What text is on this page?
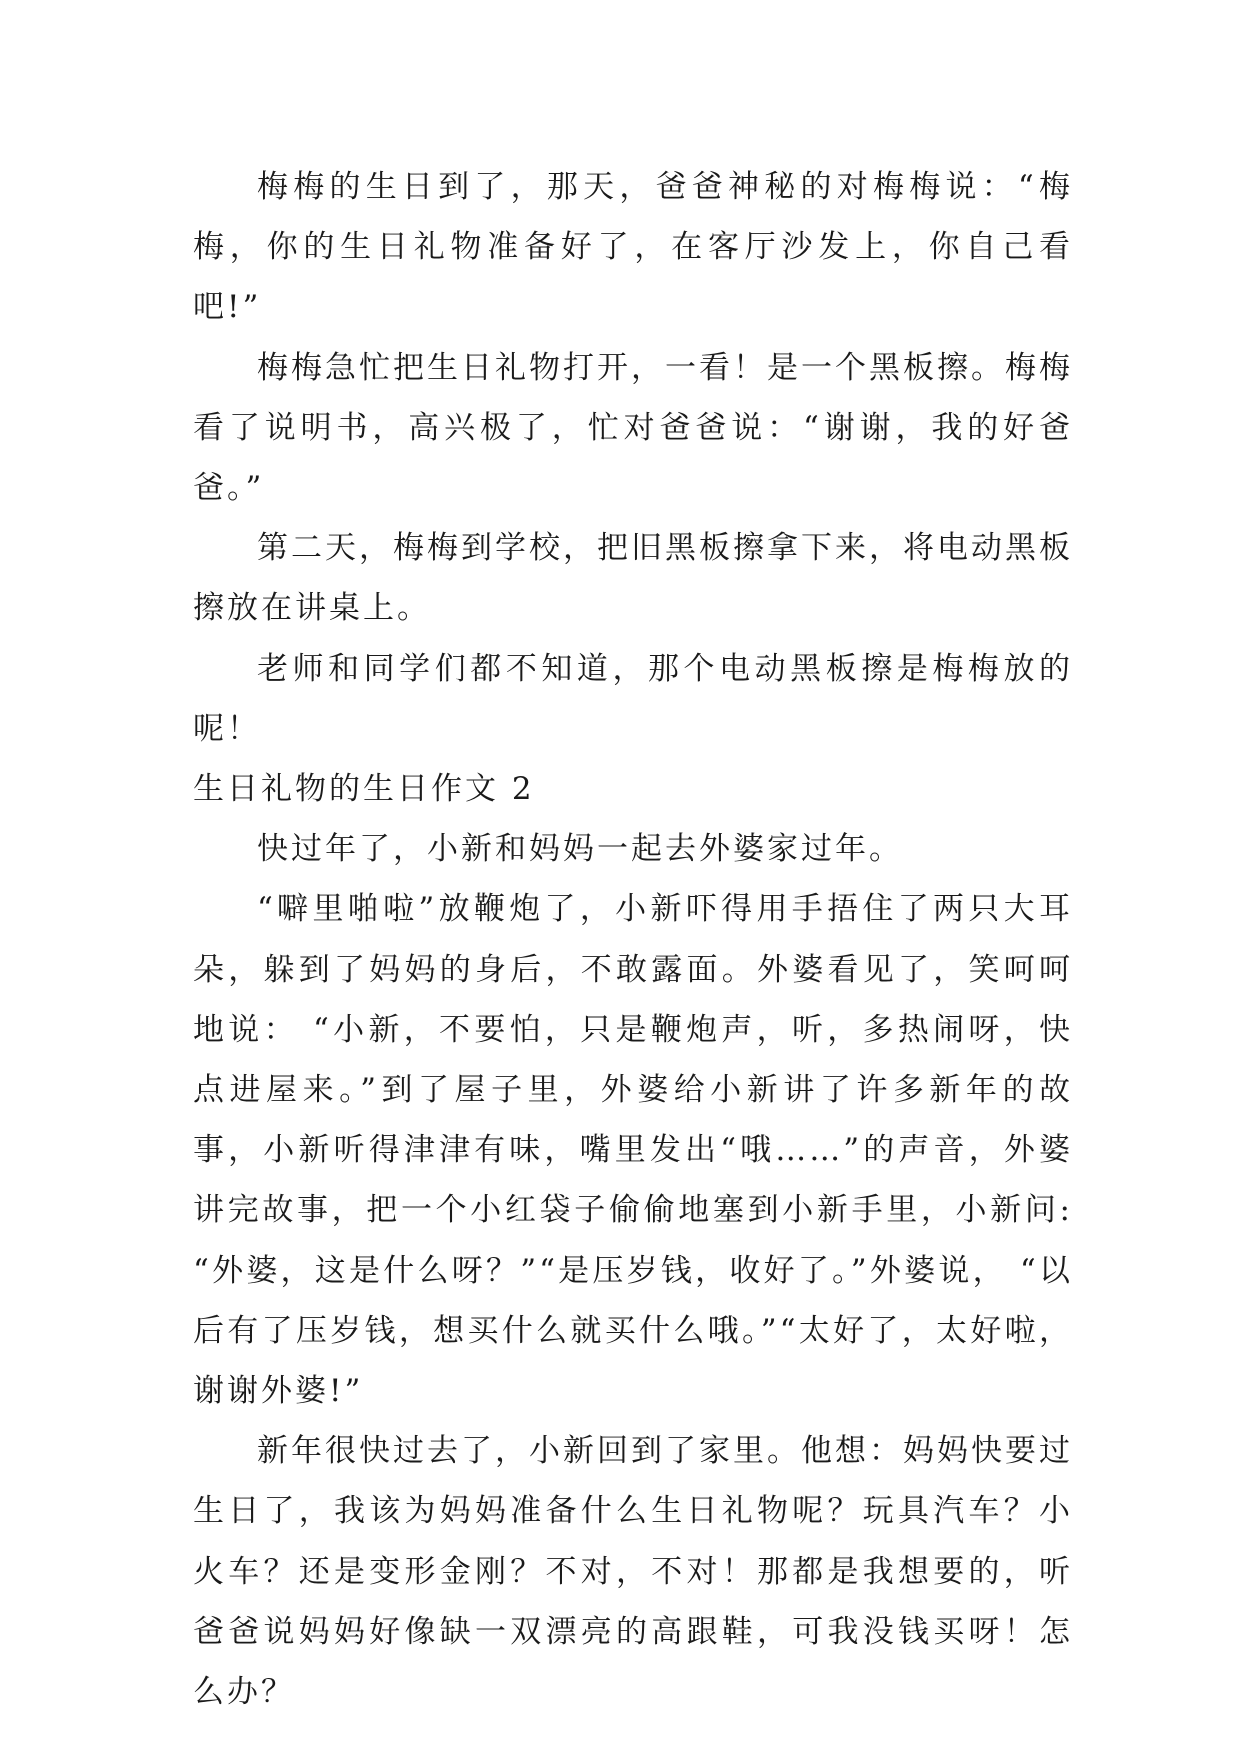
梅梅的生日到了，那天，爸爸神秘的对梅梅说：“梅梅，你的生日礼物准备好了，在客厅沙发上，你自己看吧!”

梅梅急忙把生日礼物打开，一看！是一个黑板擦。梅梅看了说明书，高兴极了，忙对爸爸说：“谢谢，我的好爸爸。”

第二天，梅梅到学校，把旧黑板擦拿下来，将电动黑板擦放在讲桌上。

老师和同学们都不知道，那个电动黑板擦是梅梅放的呢！

生日礼物的生日作文 2

快过年了，小新和妈妈一起去外婆家过年。

“噼里啪啦”放鞭炮了，小新吓得用手捂住了两只大耳朵，躲到了妈妈的身后，不敢露面。外婆看见了，笑呵呵地说： “小新，不要怕，只是鞭炮声，听，多热闹呀，快点进屋来。”到了屋子里，外婆给小新讲了许多新年的故事，小新听得津津有味，嘴里发出“哦……”的声音，外婆讲完故事，把一个小红袋子偷偷地塞到小新手里，小新问: “外婆，这是什么呀？”“是压岁钱，收好了。”外婆说， “以后有了压岁钱，想买什么就买什么哦。”“太好了，太好啦，谢谢外婆!”

新年很快过去了，小新回到了家里。他想：妈妈快要过生日了，我该为妈妈准备什么生日礼物呢？玩具汽车？小火车？还是变形金刚？不对，不对！那都是我想要的，听爸爸说妈妈好像缺一双漂亮的高跟鞋，可我没钱买呀！怎么办？
